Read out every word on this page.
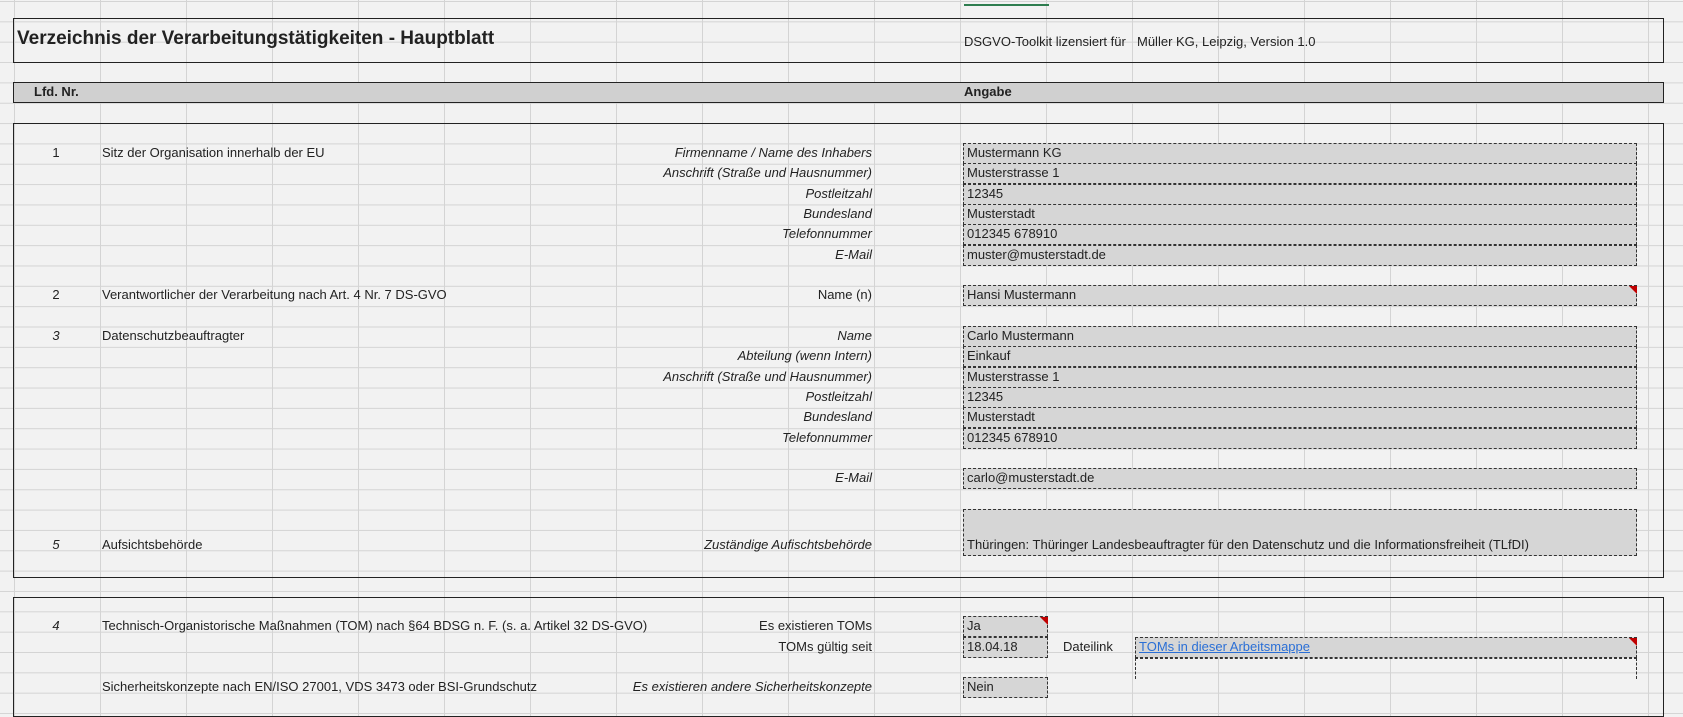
Verzeichnis der Verarbeitungstätigkeiten - Hauptblatt	DSGVO-Toolkit lizensiert für Müller KG, Leipzig, Version 1.0
Lfd. Nr.	Angabe
1	Sitz der Organisation innerhalb der EU	Firmenname / Name des Inhabers	Mustermann KG
Anschrift (Straße und Hausnummer)	Musterstrasse 1
Postleitzahl	12345
Bundesland	Musterstadt
Telefonnummer	012345 678910
E-Mail	muster@musterstadt.de
2	Verantwortlicher der Verarbeitung nach Art. 4 Nr. 7 DS-GVO	Name (n)	Hansi Mustermann
3	Datenschutzbeauftragter	Name	Carlo Mustermann
Abteilung (wenn Intern)	Einkauf
Anschrift (Straße und Hausnummer)	Musterstrasse 1
Postleitzahl	12345
Bundesland	Musterstadt
Telefonnummer	012345 678910
E-Mail	carlo@musterstadt.de
5	Aufsichtsbehörde	Zuständige Aufischtsbehörde	Thüringen: Thüringer Landesbeauftragter für den Datenschutz und die Informationsfreiheit (TLfDI)
4	Technisch-Organistorische Maßnahmen (TOM) nach §64 BDSG n. F. (s. a. Artikel 32 DS-GVO)	Es existieren TOMs	Ja
TOMs gültig seit	18.04.18	Dateilink	TOMs in dieser Arbeitsmappe
Sicherheitskonzepte nach EN/ISO 27001, VDS 3473 oder BSI-Grundschutz	Es existieren andere Sicherheitskonzepte	Nein
